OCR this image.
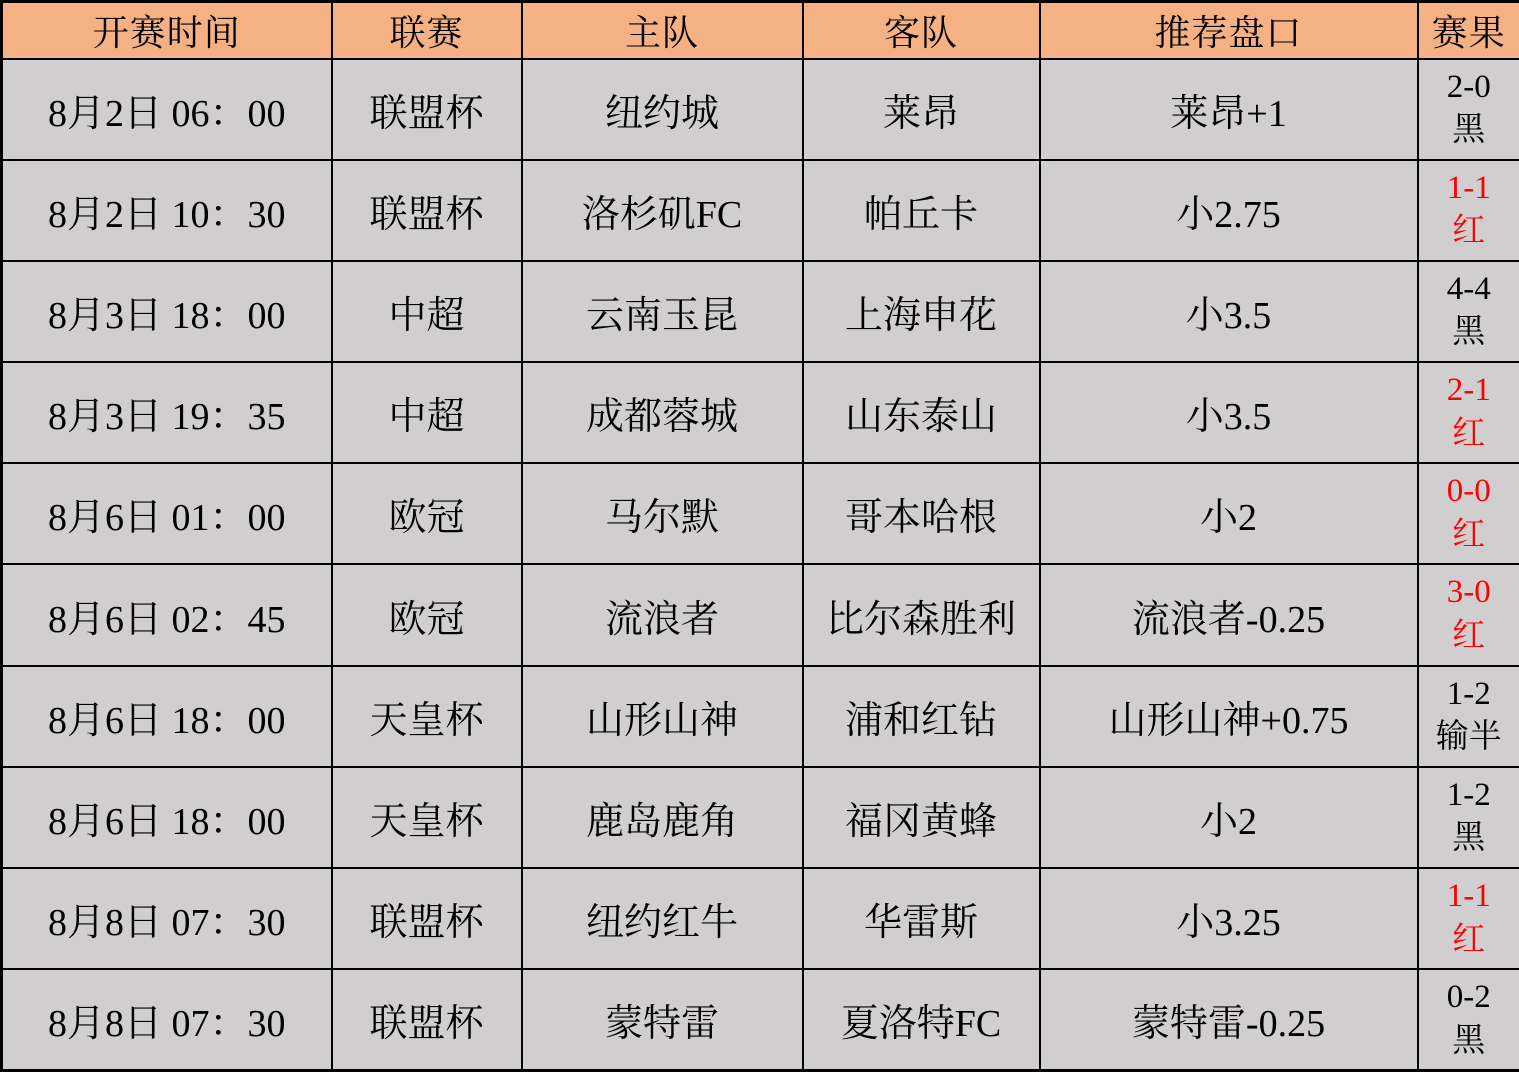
开赛时间	联赛	主队	客队	推荐盘口	赛果
8月2日 06：00	联盟杯	纽约城	莱昂	莱昂+1	2-0
黑

8月2日 10：30	联盟杯	洛杉矶FC	帕丘卡	小2.75	1-1
红

8月3日 18：00	中超	云南玉昆	上海申花	小3.5	4-4
黑

8月3日 19：35	中超	成都蓉城	山东泰山	小3.5	2-1
红

8月6日 01：00	欧冠	马尔默	哥本哈根	小2	0-0
红

8月6日 02：45	欧冠	流浪者	比尔森胜利	流浪者-0.25	3-0
红

8月6日 18：00	天皇杯	山形山神	浦和红钻	山形山神+0.75	1-2
输半

8月6日 18：00	天皇杯	鹿岛鹿角	福冈黄蜂	小2	1-2
黑

8月8日 07：30	联盟杯	纽约红牛	华雷斯	小3.25	1-1
红

8月8日 07：30	联盟杯	蒙特雷	夏洛特FC	蒙特雷-0.25	0-2
黑
